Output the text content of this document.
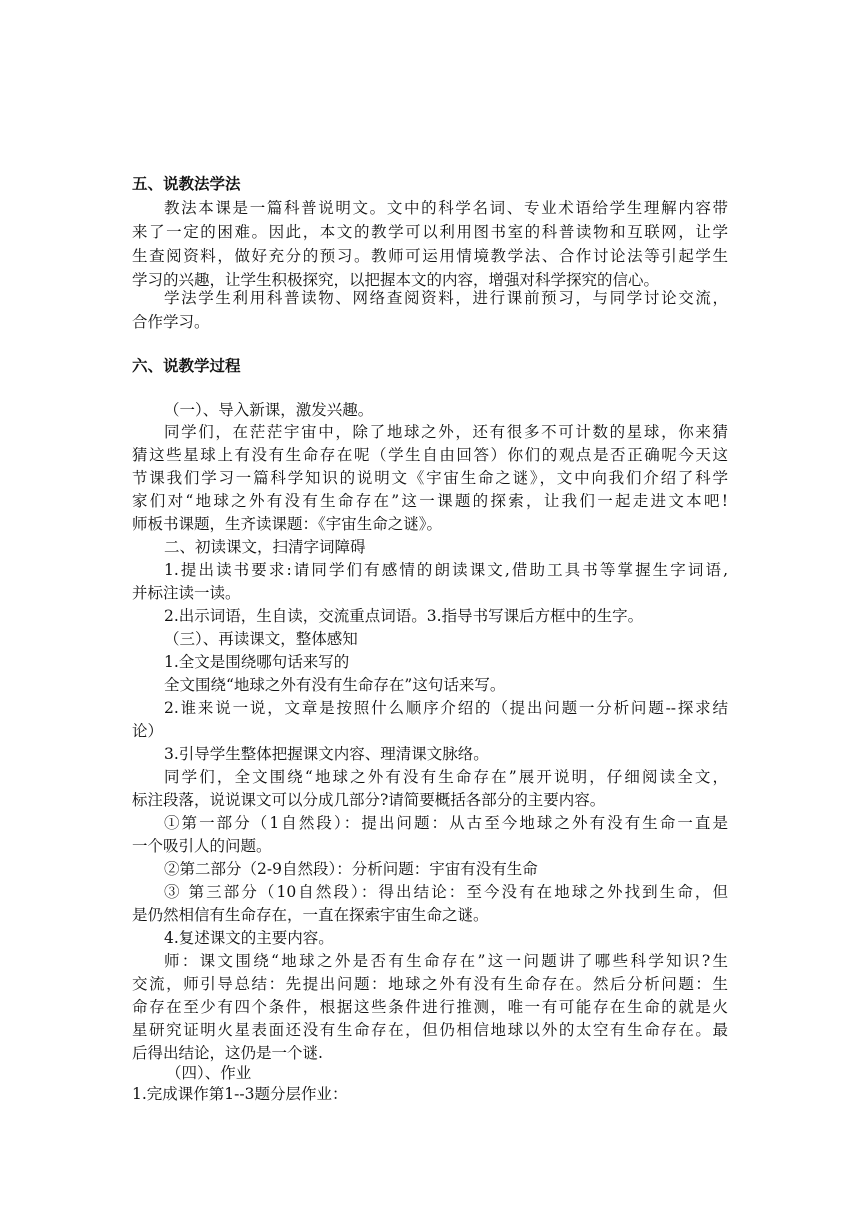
五、说教法学法
教法本课是一篇科普说明文。文中的科学名词、专业术语给学生理解内容带
来了一定的困难。因此，本文的教学可以利用图书室的科普读物和互联网，让学
生查阅资料，做好充分的预习。教师可运用情境教学法、合作讨论法等引起学生
学习的兴趣，让学生积极探究，以把握本文的内容，增强对科学探究的信心。
学法学生利用科普读物、网络查阅资料，进行课前预习，与同学讨论交流，
合作学习。
六、说教学过程
（一）、导入新课，激发兴趣。
同学们，在茫茫宇宙中，除了地球之外，还有很多不可计数的星球，你来猜
猜这些星球上有没有生命存在呢（学生自由回答）你们的观点是否正确呢今天这
节课我们学习一篇科学知识的说明文《宇宙生命之谜》，文中向我们介绍了科学
家们对“地球之外有没有生命存在”这一课题的探索，让我们一起走进文本吧!
师板书课题，生齐读课题：《宇宙生命之谜》。
二、初读课文，扫清字词障碍
1.提出读书要求:请同学们有感情的朗读课文,借助工具书等掌握生字词语,
并标注读一读。
2.出示词语，生自读，交流重点词语。3.指导书写课后方框中的生字。
（三）、再读课文，整体感知
1.全文是围绕哪句话来写的
全文围绕“地球之外有没有生命存在”这句话来写。
2.谁来说一说，文章是按照什么顺序介绍的（提出问题一分析问题--探求结
论）
3.引导学生整体把握课文内容、理清课文脉络。
同学们，全文围绕“地球之外有没有生命存在”展开说明，仔细阅读全文，
标注段落，说说课文可以分成几部分?请简要概括各部分的主要内容。
①第一部分（1自然段）：提出问题：从古至今地球之外有没有生命一直是
一个吸引人的问题。
②第二部分（2-9自然段）：分析问题：宇宙有没有生命
③ 第三部分（10自然段）：得出结论：至今没有在地球之外找到生命，但
是仍然相信有生命存在，一直在探索宇宙生命之谜。
4.复述课文的主要内容。
师：课文围绕“地球之外是否有生命存在”这一问题讲了哪些科学知识?生
交流，师引导总结：先提出问题：地球之外有没有生命存在。然后分析问题：生
命存在至少有四个条件，根据这些条件进行推测，唯一有可能存在生命的就是火
星研究证明火星表面还没有生命存在，但仍相信地球以外的太空有生命存在。最
后得出结论，这仍是一个谜.
（四）、作业
1.完成课作第1--3题分层作业：
